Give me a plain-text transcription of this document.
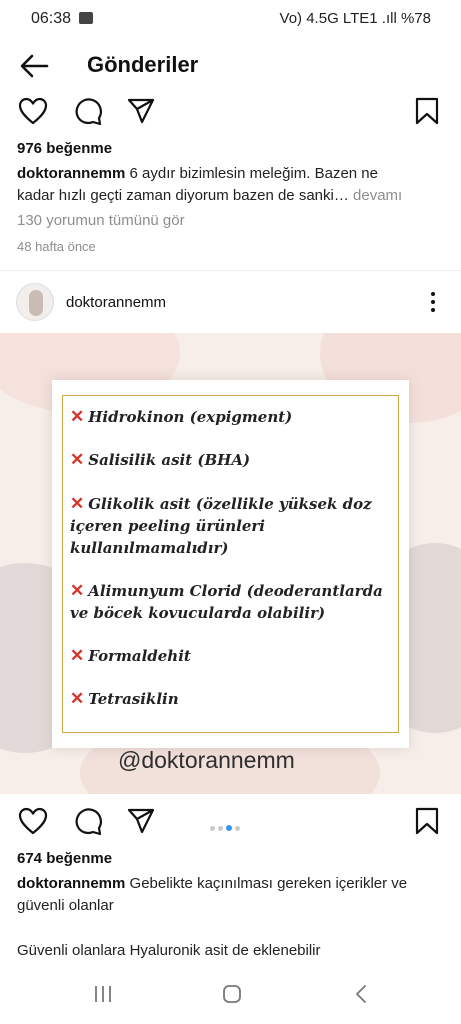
06:38	Vo) 4.5G LTE1 .ıll %78
Gönderiler
976 beğenme
doktorannemm 6 aydır bizimlesin meleğim. Bazen ne
kadar hızlı geçti zaman diyorum bazen de sanki… devamı
130 yorumun tümünü gör
48 hafta önce
doktorannemm
✕ Hidrokinon (expigment)
✕ Salisilik asit (BHA)
✕ Glikolik asit (özellikle yüksek doz
içeren peeling ürünleri
kullanılmamalıdır)
✕ Alimunyum Clorid (deoderantlarda
ve böcek kovucularda olabilir)
✕ Formaldehit
✕ Tetrasiklin
@doktorannemm
674 beğenme
doktorannemm Gebelikte kaçınılması gereken içerikler ve
güvenli olanlar
Güvenli olanlara Hyaluronik asit de eklenebilir
